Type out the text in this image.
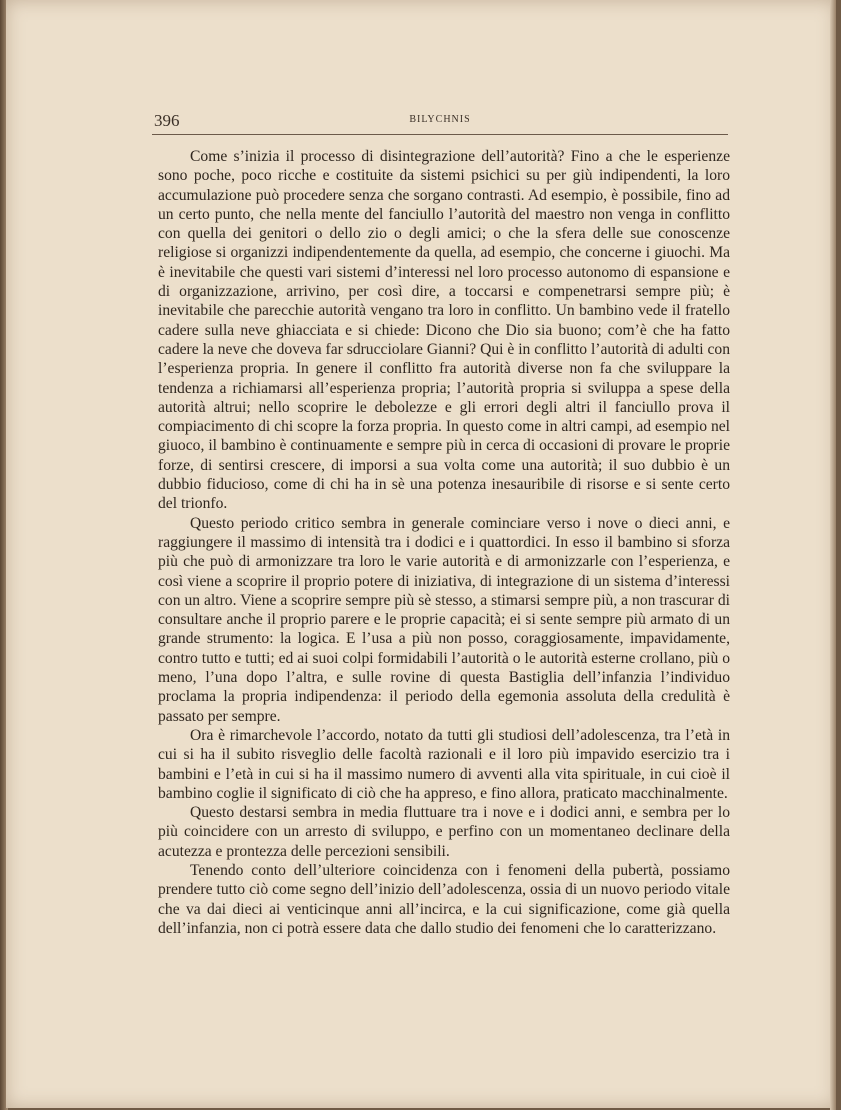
396	BILYCHNIS

Come s’inizia il processo di disintegrazione dell’autorità? Fino a che le esperienze sono poche, poco ricche e costituite da sistemi psichici su per giù indipendenti, la loro accumulazione può procedere senza che sorgano contrasti. Ad esempio, è possibile, fino ad un certo punto, che nella mente del fanciullo l’autorità del maestro non venga in conflitto con quella dei genitori o dello zio o degli amici; o che la sfera delle sue conoscenze religiose si organizzi indipendentemente da quella, ad esempio, che concerne i giuochi. Ma è inevitabile che questi vari sistemi d’interessi nel loro processo autonomo di espansione e di organizzazione, arrivino, per così dire, a toccarsi e compenetrarsi sempre più; è inevitabile che parecchie autorità vengano tra loro in conflitto. Un bambino vede il fratello cadere sulla neve ghiacciata e si chiede: Dicono che Dio sia buono; com’è che ha fatto cadere la neve che doveva far sdrucciolare Gianni? Qui è in conflitto l’autorità di adulti con l’esperienza propria. In genere il conflitto fra autorità diverse non fa che sviluppare la tendenza a richiamarsi all’esperienza propria; l’autorità propria si sviluppa a spese della autorità altrui; nello scoprire le debolezze e gli errori degli altri il fanciullo prova il compiacimento di chi scopre la forza propria. In questo come in altri campi, ad esempio nel giuoco, il bambino è continuamente e sempre più in cerca di occasioni di provare le proprie forze, di sentirsi crescere, di imporsi a sua volta come una autorità; il suo dubbio è un dubbio fiducioso, come di chi ha in sè una potenza inesauribile di risorse e si sente certo del trionfo.

Questo periodo critico sembra in generale cominciare verso i nove o dieci anni, e raggiungere il massimo di intensità tra i dodici e i quattordici. In esso il bambino si sforza più che può di armonizzare tra loro le varie autorità e di armonizzarle con l’esperienza, e così viene a scoprire il proprio potere di iniziativa, di integrazione di un sistema d’interessi con un altro. Viene a scoprire sempre più sè stesso, a stimarsi sempre più, a non trascurar di consultare anche il proprio parere e le proprie capacità; ei si sente sempre più armato di un grande strumento: la logica. E l’usa a più non posso, coraggiosamente, impavidamente, contro tutto e tutti; ed ai suoi colpi formidabili l’autorità o le autorità esterne crollano, più o meno, l’una dopo l’altra, e sulle rovine di questa Bastiglia dell’infanzia l’individuo proclama la propria indipendenza: il periodo della egemonia assoluta della credulità è passato per sempre.

Ora è rimarchevole l’accordo, notato da tutti gli studiosi dell’adolescenza, tra l’età in cui si ha il subito risveglio delle facoltà razionali e il loro più impavido esercizio tra i bambini e l’età in cui si ha il massimo numero di avventi alla vita spirituale, in cui cioè il bambino coglie il significato di ciò che ha appreso, e fino allora, praticato macchinalmente.

Questo destarsi sembra in media fluttuare tra i nove e i dodici anni, e sembra per lo più coincidere con un arresto di sviluppo, e perfino con un momentaneo declinare della acutezza e prontezza delle percezioni sensibili.

Tenendo conto dell’ulteriore coincidenza con i fenomeni della pubertà, possiamo prendere tutto ciò come segno dell’inizio dell’adolescenza, ossia di un nuovo periodo vitale che va dai dieci ai venticinque anni all’incirca, e la cui significazione, come già quella dell’infanzia, non ci potrà essere data che dallo studio dei fenomeni che lo caratterizzano.
